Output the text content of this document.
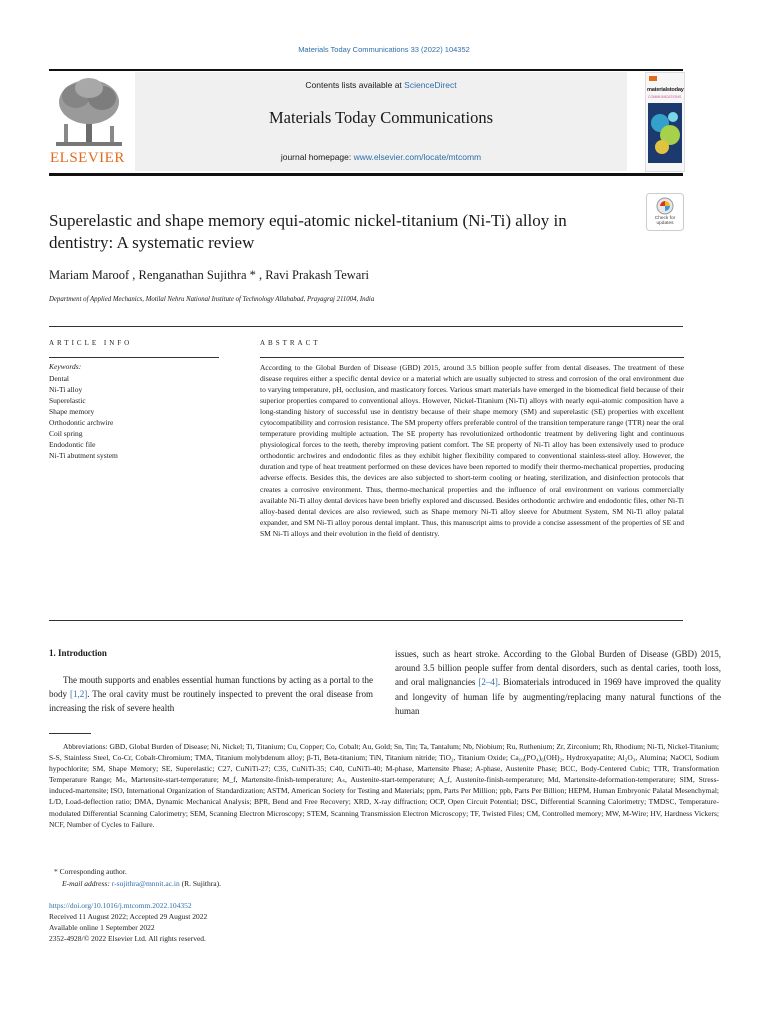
Materials Today Communications 33 (2022) 104352
ELSEVIER
Contents lists available at ScienceDirect
Materials Today Communications
journal homepage: www.elsevier.com/locate/mtcomm
materialstoday
COMMUNICATIONS
Check for updates
Superelastic and shape memory equi-atomic nickel-titanium (Ni-Ti) alloy in dentistry: A systematic review
Mariam Maroof , Renganathan Sujithra * , Ravi Prakash Tewari
Department of Applied Mechanics, Motilal Nehru National Institute of Technology Allahabad, Prayagraj 211004, India
ARTICLE INFO
Keywords:
Dental
Ni-Ti alloy
Superelastic
Shape memory
Orthodontic archwire
Coil spring
Endodontic file
Ni-Ti abutment system
ABSTRACT
According to the Global Burden of Disease (GBD) 2015, around 3.5 billion people suffer from dental diseases. The treatment of these disease requires either a specific dental device or a material which are usually subjected to stress and corrosion of the oral environment due to varying temperature, pH, occlusion, and masticatory forces. Various smart materials have emerged in the biomedical field because of their superior properties compared to conventional alloys. However, Nickel-Titanium (Ni-Ti) alloys with nearly equi-atomic composition have a long-standing history of successful use in dentistry because of their shape memory (SM) and superelastic (SE) properties with excellent cytocompatibility and corrosion resistance. The SM property offers preferable control of the transition temperature range (TTR) near the oral temperature providing multiple actuation. The SE property has revolutionized orthodontic treatment by delivering light and continuous physiological forces to the teeth, thereby improving patient comfort. The SE property of Ni-Ti alloy has been extensively used to produce orthodontic archwires and endodontic files as they exhibit higher flexibility compared to conventional stainless-steel alloy. However, the duration and type of heat treatment performed on these devices have been reported to modify their thermo-mechanical properties, producing adverse effects. Besides this, the devices are also subjected to short-term cooling or heating, sterilization, and disinfection protocols that creates a corrosive environment. Thus, thermo-mechanical properties and the influence of oral environment on various commercially available Ni-Ti alloy dental devices have been briefly explored and discussed. Besides orthodontic archwire and endodontic files, other Ni-Ti alloy-based dental devices are also reviewed, such as Shape memory Ni-Ti alloy sleeve for Abutment System, SM Ni-Ti alloy palatal expander, and SM Ni-Ti alloy porous dental implant. Thus, this manuscript aims to provide a concise assessment of the properties of SE and SM Ni-Ti alloys and their evolution in the field of dentistry.
1. Introduction
The mouth supports and enables essential human functions by acting as a portal to the body [1,2]. The oral cavity must be routinely inspected to prevent the oral disease from increasing the risk of severe health
issues, such as heart stroke. According to the Global Burden of Disease (GBD) 2015, around 3.5 billion people suffer from dental disorders, such as dental caries, tooth loss, and oral malignancies [2–4]. Biomaterials introduced in 1969 have improved the quality and longevity of human life by augmenting/replacing many natural functions of the human
Abbreviations: GBD, Global Burden of Disease; Ni, Nickel; Ti, Titanium; Cu, Copper; Co, Cobalt; Au, Gold; Sn, Tin; Ta, Tantalum; Nb, Niobium; Ru, Ruthenium; Zr, Zirconium; Rh, Rhodium; Ni-Ti, Nickel-Titanium; S-S, Stainless Steel, Co-Cr, Cobalt-Chromium; TMA, Titanium molybdenum alloy; β-Ti, Beta-titanium; TiN, Titanium nitride; TiO₂, Titanium Oxide; Ca₁₀(PO₄)₆(OH)₂, Hydroxyapatite; Al₂O₃, Alumina; NaOCl, Sodium hypochlorite; SM, Shape Memory; SE, Superelastic; C27, CuNiTi-27; C35, CuNiTi-35; C40, CuNiTi-40; M-phase, Martensite Phase; A-phase, Austenite Phase; BCC, Body-Centered Cubic; TTR, Transformation Temperature Range; Mₛ, Martensite-start-temperature; M_f, Martensite-finish-temperature; Aₛ, Austenite-start-temperature; A_f, Austenite-finish-temperature; Md, Martensite-deformation-temperature; SIM, Stress-induced-martensite; ISO, International Organization of Standardization; ASTM, American Society for Testing and Materials; ppm, Parts Per Million; ppb, Parts Per Billion; HEPM, Human Embryonic Palatal Mesenchymal; L/D, Load-deflection ratio; DMA, Dynamic Mechanical Analysis; BPR, Bend and Free Recovery; XRD, X-ray diffraction; OCP, Open Circuit Potential; DSC, Differential Scanning Calorimetry; TMDSC, Temperature-modulated Differential Scanning Calorimetry; SEM, Scanning Electron Microscopy; STEM, Scanning Transmission Electron Microscopy; TF, Twisted Files; CM, Controlled memory; MW, M-Wire; HV, Hardness Vickers; NCF, Number of Cycles to Failure.
* Corresponding author.
E-mail address: r-sujithra@mnnit.ac.in (R. Sujithra).
https://doi.org/10.1016/j.mtcomm.2022.104352
Received 11 August 2022; Accepted 29 August 2022
Available online 1 September 2022
2352-4928/© 2022 Elsevier Ltd. All rights reserved.
